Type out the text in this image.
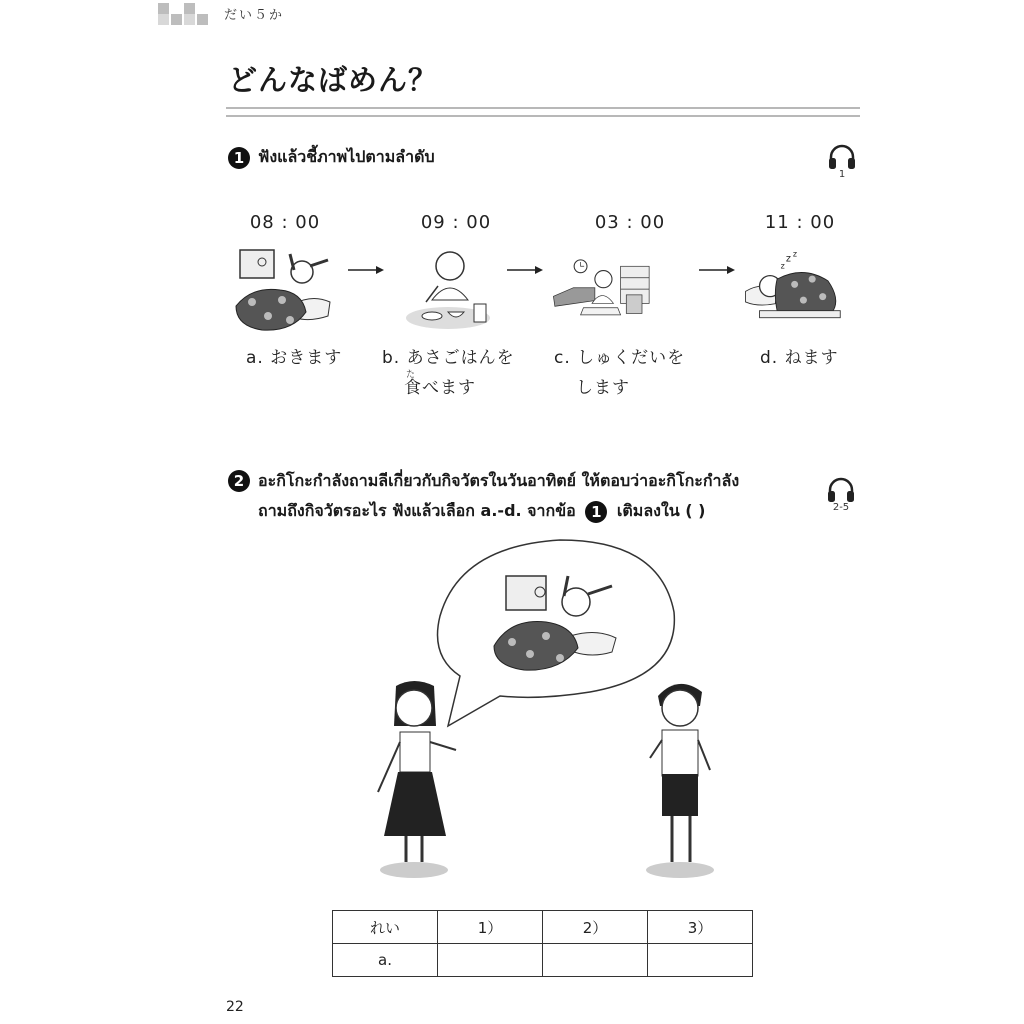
だい５か
どんなばめん？
1 ฟังแล้วชี้ภาพไปตามลำดับ
1
08 : 00	09 : 00	03 : 00	11 : 00
z z
z
a. おきます b. あさごはんを
た
食べます
c. しゅくだいを
します
d. ねます
2 อะกิโกะกำลังถามลีเกี่ยวกับกิจวัตรในวันอาทิตย์ ให้ตอบว่าอะกิโกะกำลัง
ถามถึงกิจวัตรอะไร ฟังแล้วเลือก a.-d. จากข้อ 1 เติมลงใน ( )	2-5
れい	1）	2）	3）
a.			
22
